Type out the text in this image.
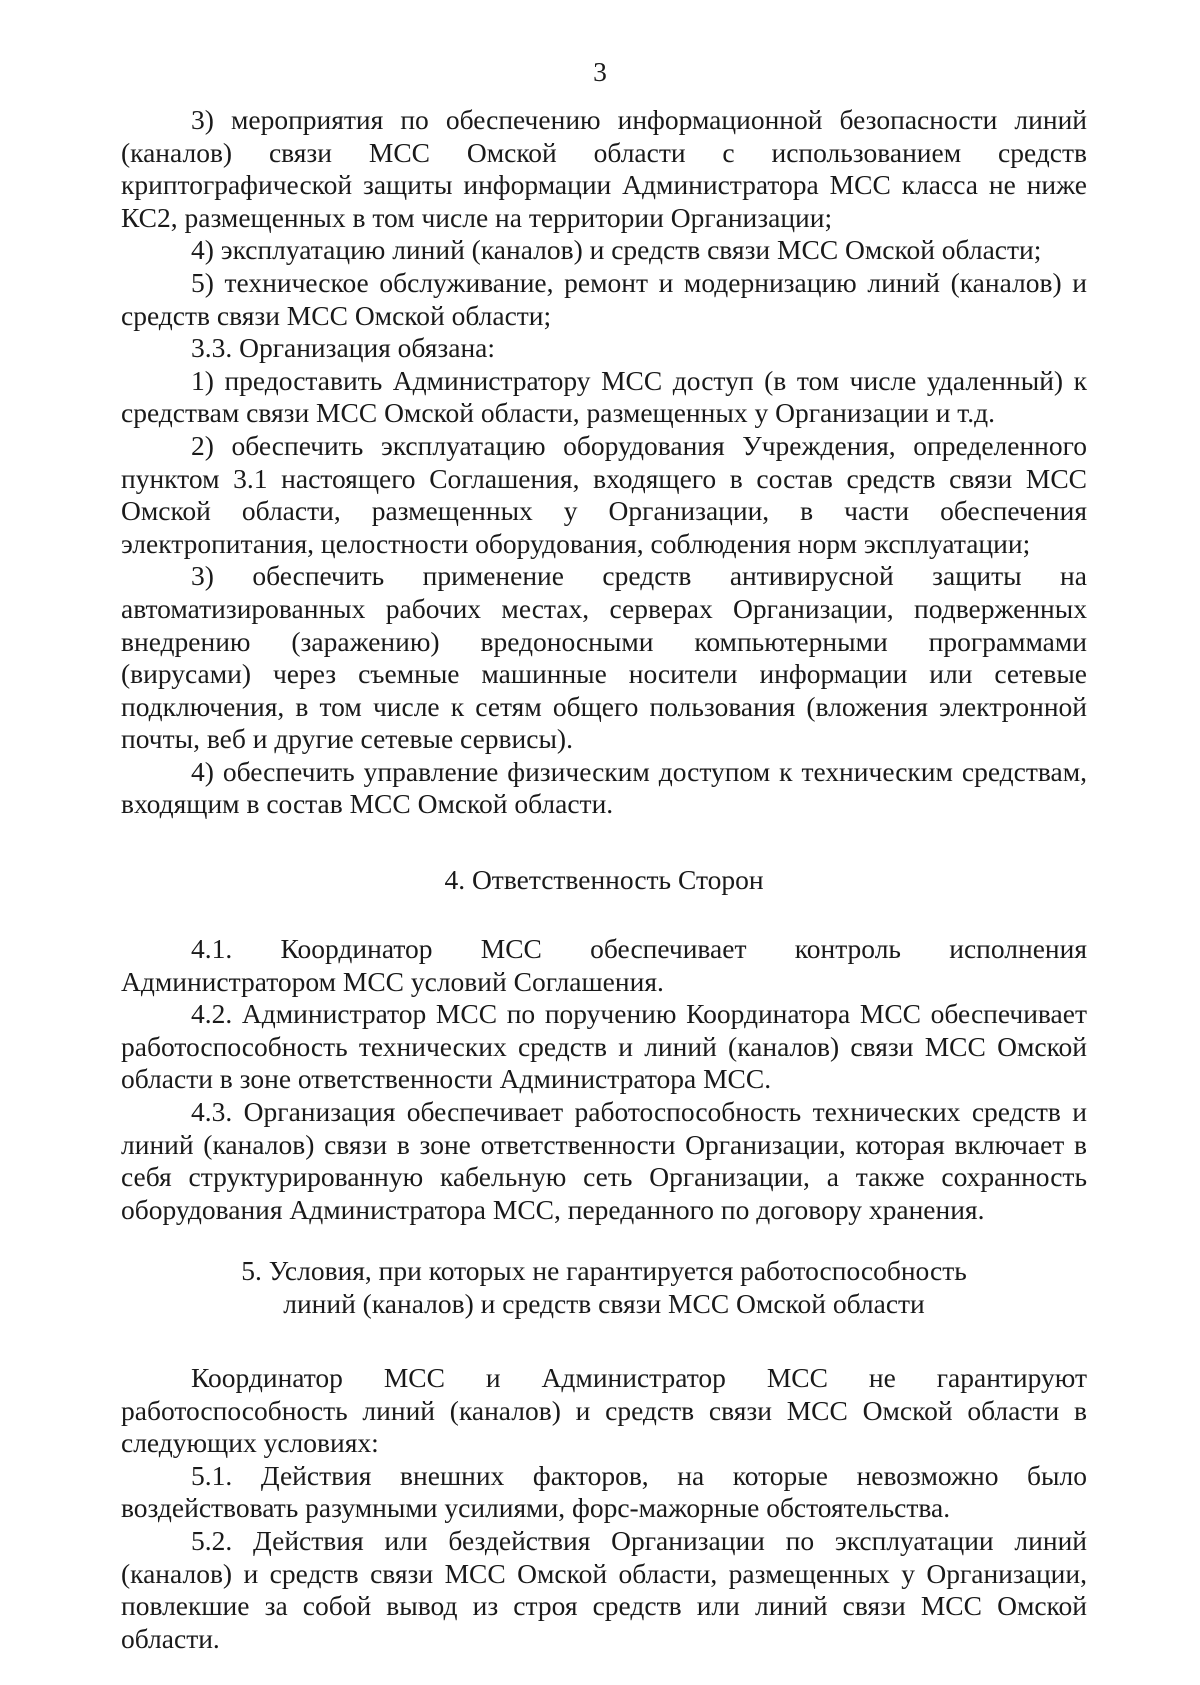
3

3) мероприятия по обеспечению информационной безопасности линий (каналов) связи МСС Омской области с использованием средств криптографической защиты информации Администратора МСС класса не ниже КС2, размещенных в том числе на территории Организации;

4) эксплуатацию линий (каналов) и средств связи МСС Омской области;

5) техническое обслуживание, ремонт и модернизацию линий (каналов) и средств связи МСС Омской области;

3.3. Организация обязана:

1) предоставить Администратору МСС доступ (в том числе удаленный) к средствам связи МСС Омской области, размещенных у Организации и т.д.

2) обеспечить эксплуатацию оборудования Учреждения, определенного пунктом 3.1 настоящего Соглашения, входящего в состав средств связи МСС Омской области, размещенных у Организации, в части обеспечения электропитания, целостности оборудования, соблюдения норм эксплуатации;

3) обеспечить применение средств антивирусной защиты на автоматизированных рабочих местах, серверах Организации, подверженных внедрению (заражению) вредоносными компьютерными программами (вирусами) через съемные машинные носители информации или сетевые подключения, в том числе к сетям общего пользования (вложения электронной почты, веб и другие сетевые сервисы).

4) обеспечить управление физическим доступом к техническим средствам, входящим в состав МСС Омской области.

4. Ответственность Сторон

4.1. Координатор МСС обеспечивает контроль исполнения Администратором МСС условий Соглашения.

4.2. Администратор МСС по поручению Координатора МСС обеспечивает работоспособность технических средств и линий (каналов) связи МСС Омской области в зоне ответственности Администратора МСС.

4.3. Организация обеспечивает работоспособность технических средств и линий (каналов) связи в зоне ответственности Организации, которая включает в себя структурированную кабельную сеть Организации, а также сохранность оборудования Администратора МСС, переданного по договору хранения.

5. Условия, при которых не гарантируется работоспособность

линий (каналов) и средств связи МСС Омской области

Координатор МСС и Администратор МСС не гарантируют работоспособность линий (каналов) и средств связи МСС Омской области в следующих условиях:

5.1. Действия внешних факторов, на которые невозможно было воздействовать разумными усилиями, форс-мажорные обстоятельства.

5.2. Действия или бездействия Организации по эксплуатации линий (каналов) и средств связи МСС Омской области, размещенных у Организации, повлекшие за собой вывод из строя средств или линий связи МСС Омской области.
